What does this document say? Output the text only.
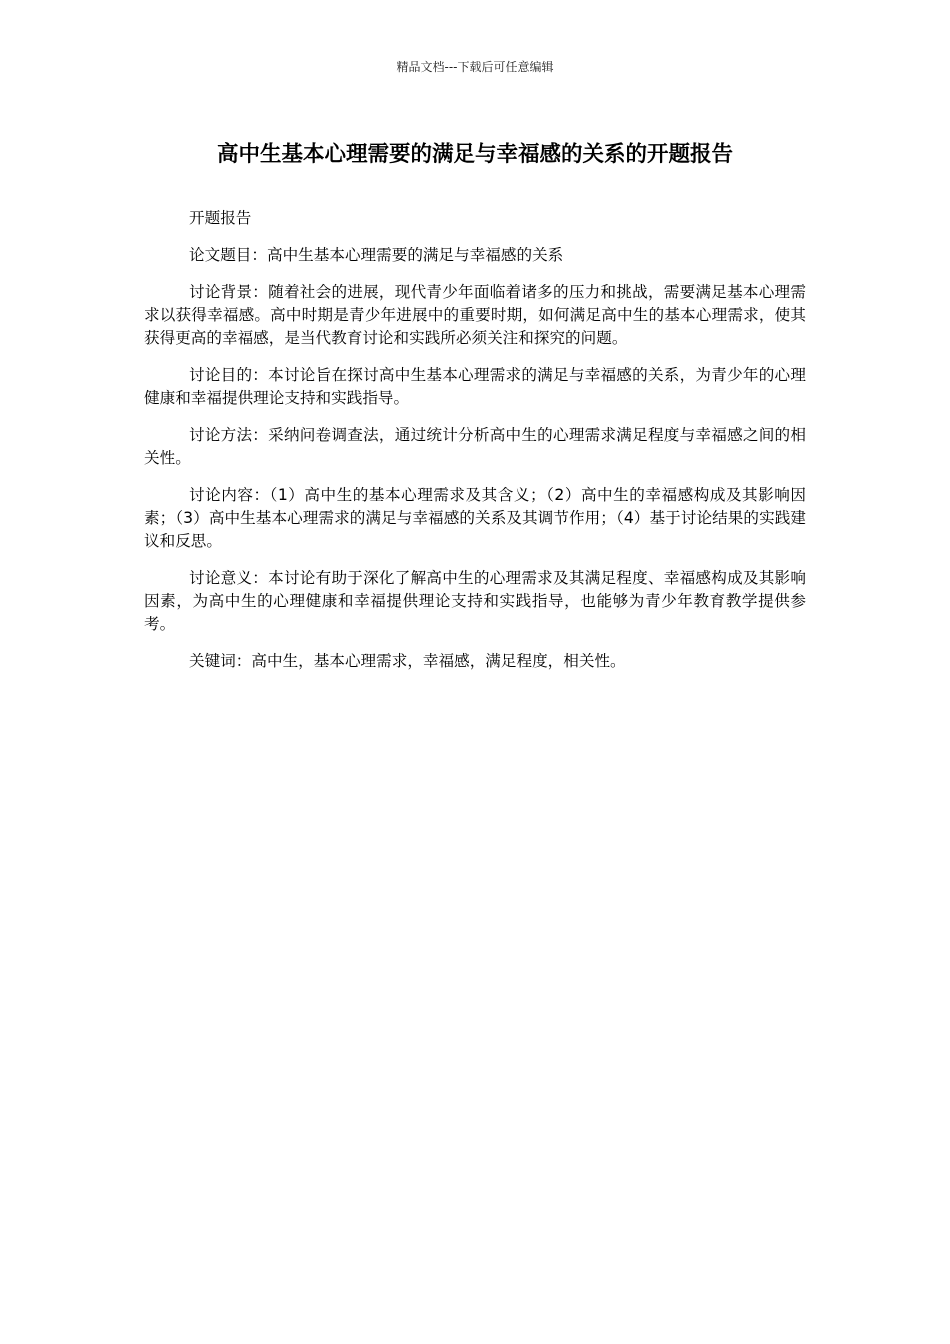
精品文档---下载后可任意编辑
高中生基本心理需要的满足与幸福感的关系的开题报告

开题报告

论文题目：高中生基本心理需要的满足与幸福感的关系

讨论背景：随着社会的进展，现代青少年面临着诸多的压力和挑战，需要满足基本心理需求以获得幸福感。高中时期是青少年进展中的重要时期，如何满足高中生的基本心理需求，使其获得更高的幸福感，是当代教育讨论和实践所必须关注和探究的问题。

讨论目的：本讨论旨在探讨高中生基本心理需求的满足与幸福感的关系，为青少年的心理健康和幸福提供理论支持和实践指导。

讨论方法：采纳问卷调查法，通过统计分析高中生的心理需求满足程度与幸福感之间的相关性。

讨论内容：（1）高中生的基本心理需求及其含义；（2）高中生的幸福感构成及其影响因素；（3）高中生基本心理需求的满足与幸福感的关系及其调节作用；（4）基于讨论结果的实践建议和反思。

讨论意义：本讨论有助于深化了解高中生的心理需求及其满足程度、幸福感构成及其影响因素，为高中生的心理健康和幸福提供理论支持和实践指导，也能够为青少年教育教学提供参考。

关键词：高中生，基本心理需求，幸福感，满足程度，相关性。
